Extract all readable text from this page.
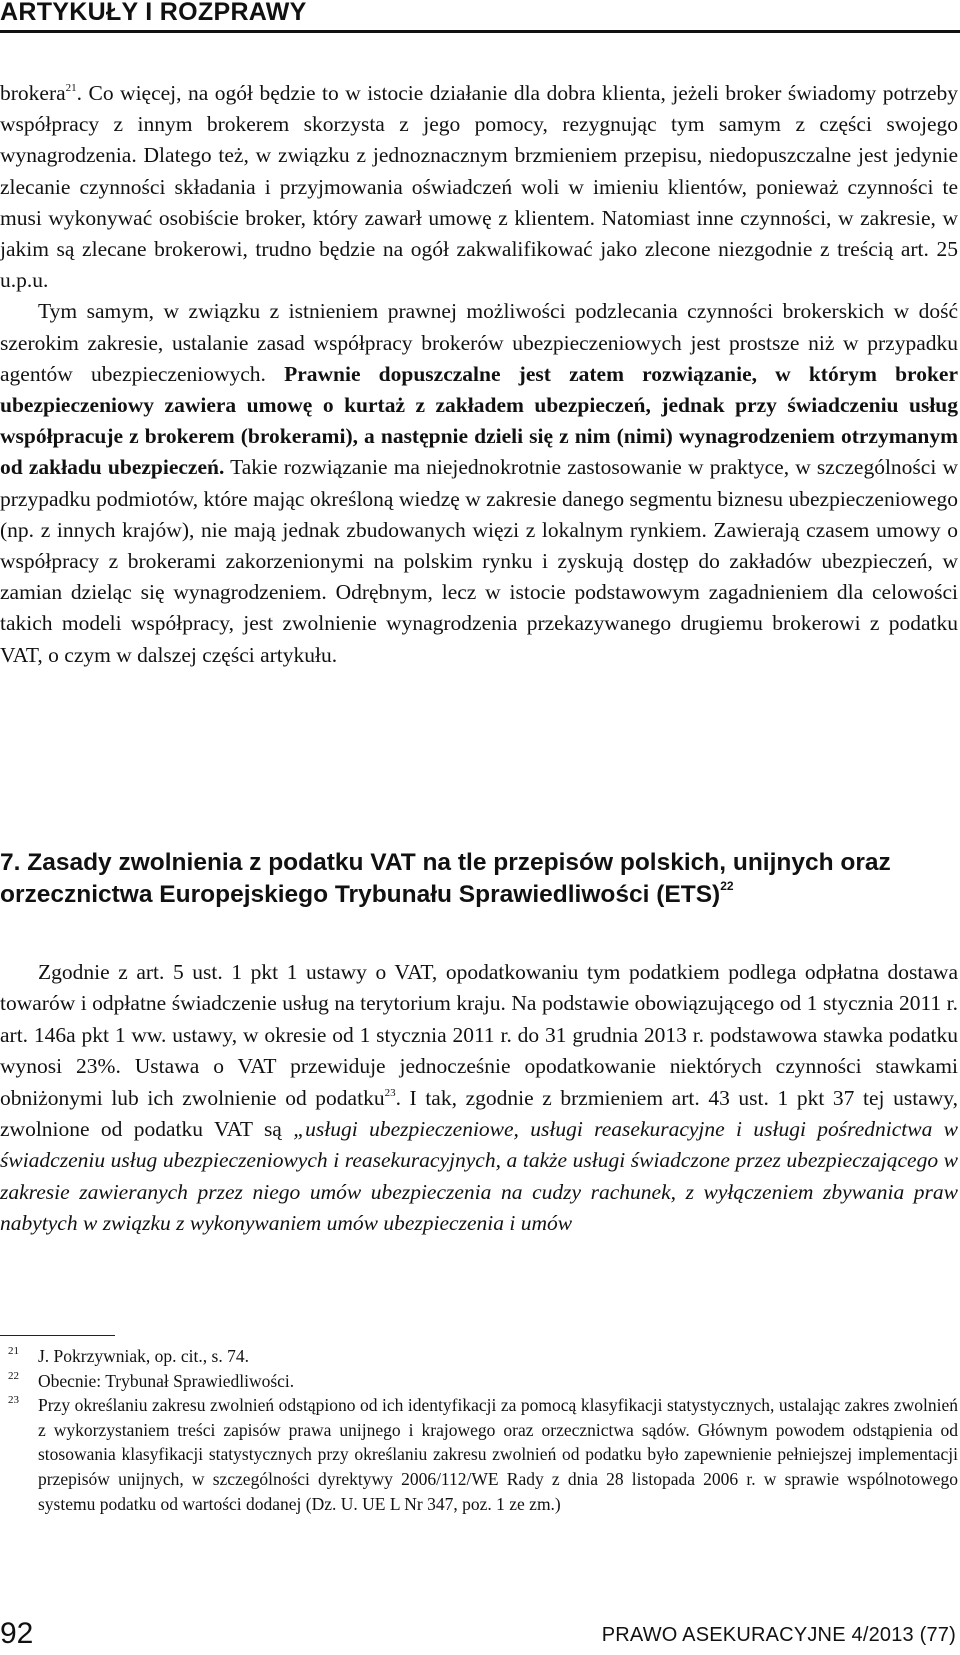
ARTYKUŁY I ROZPRAWY

brokera$^{21}$. Co więcej, na ogół będzie to w istocie działanie dla dobra klienta, jeżeli broker świadomy potrzeby współpracy z innym brokerem skorzysta z jego pomocy, rezygnując tym samym z części swojego wynagrodzenia. Dlatego też, w związku z jednoznacznym brzmieniem przepisu, niedopuszczalne jest jedynie zlecanie czynności składania i przyjmowania oświadczeń woli w imieniu klientów, ponieważ czynności te musi wykonywać osobiście broker, który zawarł umowę z klientem. Natomiast inne czynności, w zakresie, w jakim są zlecane brokerowi, trudno będzie na ogół zakwalifikować jako zlecone niezgodnie z treścią art. 25 u.p.u.

Tym samym, w związku z istnieniem prawnej możliwości podzlecania czynności brokerskich w dość szerokim zakresie, ustalanie zasad współpracy brokerów ubezpieczeniowych jest prostsze niż w przypadku agentów ubezpieczeniowych. Prawnie dopuszczalne jest zatem rozwiązanie, w którym broker ubezpieczeniowy zawiera umowę o kurtaż z zakładem ubezpieczeń, jednak przy świadczeniu usług współpracuje z brokerem (brokerami), a następnie dzieli się z nim (nimi) wynagrodzeniem otrzymanym od zakładu ubezpieczeń. Takie rozwiązanie ma niejednokrotnie zastosowanie w praktyce, w szczególności w przypadku podmiotów, które mając określoną wiedzę w zakresie danego segmentu biznesu ubezpieczeniowego (np. z innych krajów), nie mają jednak zbudowanych więzi z lokalnym rynkiem. Zawierają czasem umowy o współpracy z brokerami zakorzenionymi na polskim rynku i zyskują dostęp do zakładów ubezpieczeń, w zamian dzieląc się wynagrodzeniem. Odrębnym, lecz w istocie podstawowym zagadnieniem dla celowości takich modeli współpracy, jest zwolnienie wynagrodzenia przekazywanego drugiemu brokerowi z podatku VAT, o czym w dalszej części artykułu.

7. Zasady zwolnienia z podatku VAT na tle przepisów polskich, unijnych oraz orzecznictwa Europejskiego Trybunału Sprawiedliwości (ETS)$^{22}$

Zgodnie z art. 5 ust. 1 pkt 1 ustawy o VAT, opodatkowaniu tym podatkiem podlega odpłatna dostawa towarów i odpłatne świadczenie usług na terytorium kraju. Na podstawie obowiązującego od 1 stycznia 2011 r. art. 146a pkt 1 ww. ustawy, w okresie od 1 stycznia 2011 r. do 31 grudnia 2013 r. podstawowa stawka podatku wynosi 23%. Ustawa o VAT przewiduje jednocześnie opodatkowanie niektórych czynności stawkami obniżonymi lub ich zwolnienie od podatku$^{23}$. I tak, zgodnie z brzmieniem art. 43 ust. 1 pkt 37 tej ustawy, zwolnione od podatku VAT są „usługi ubezpieczeniowe, usługi reasekuracyjne i usługi pośrednictwa w świadczeniu usług ubezpieczeniowych i reasekuracyjnych, a także usługi świadczone przez ubezpieczającego w zakresie zawieranych przez niego umów ubezpieczenia na cudzy rachunek, z wyłączeniem zbywania praw nabytych w związku z wykonywaniem umów ubezpieczenia i umów

21 J. Pokrzywniak, op. cit., s. 74.

22 Obecnie: Trybunał Sprawiedliwości.

23 Przy określaniu zakresu zwolnień odstąpiono od ich identyfikacji za pomocą klasyfikacji statystycznych, ustalając zakres zwolnień z wykorzystaniem treści zapisów prawa unijnego i krajowego oraz orzecznictwa sądów. Głównym powodem odstąpienia od stosowania klasyfikacji statystycznych przy określaniu zakresu zwolnień od podatku było zapewnienie pełniejszej implementacji przepisów unijnych, w szczególności dyrektywy 2006/112/WE Rady z dnia 28 listopada 2006 r. w sprawie wspólnotowego systemu podatku od wartości dodanej (Dz. U. UE L Nr 347, poz. 1 ze zm.)

92	PRAWO ASEKURACYJNE 4/2013 (77)
